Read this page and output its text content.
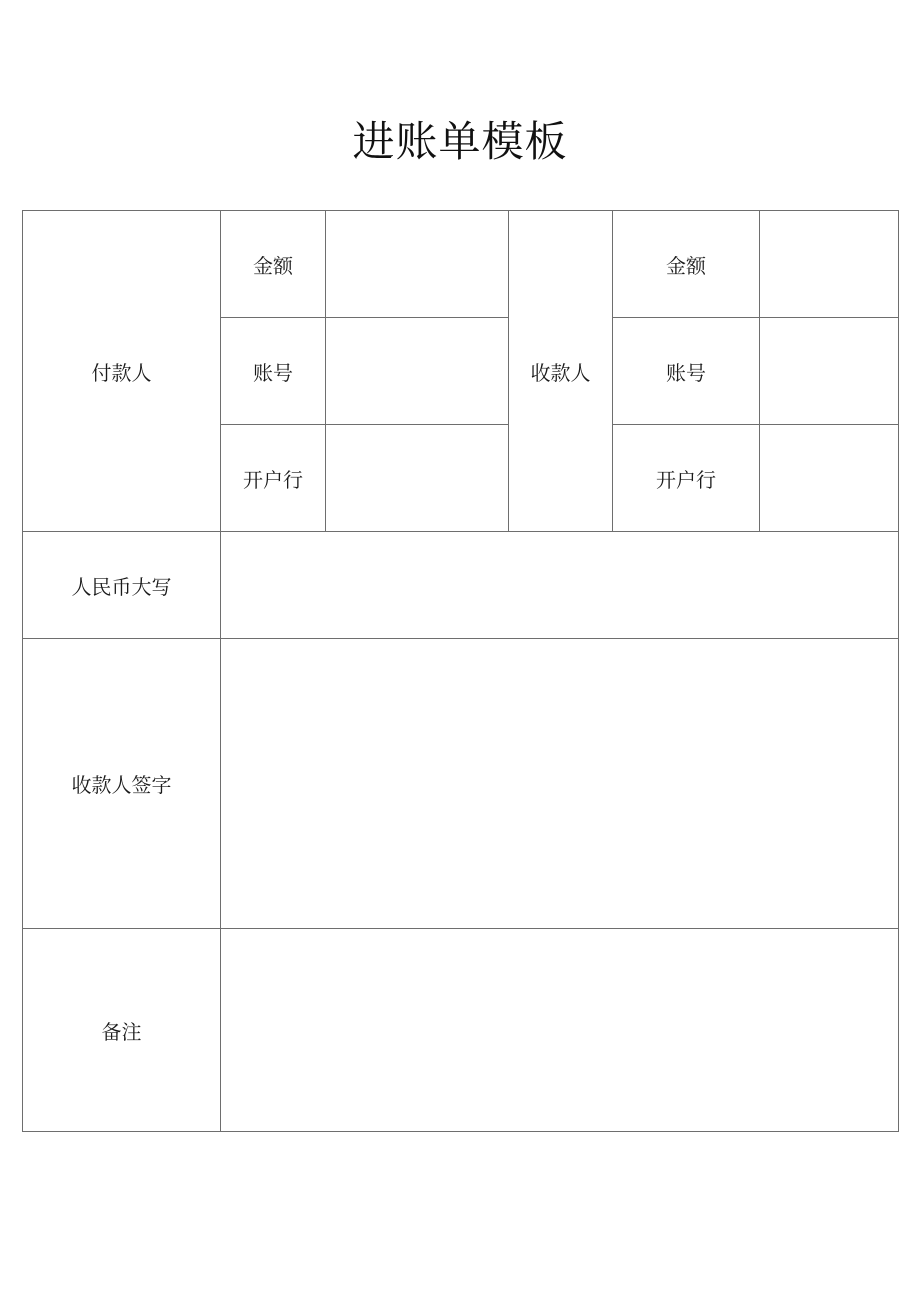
进账单模板
付款人	金额		收款人	金额	
	账号			账号	
	开户行			开户行	
人民币大写					
收款人签字					
备注					
